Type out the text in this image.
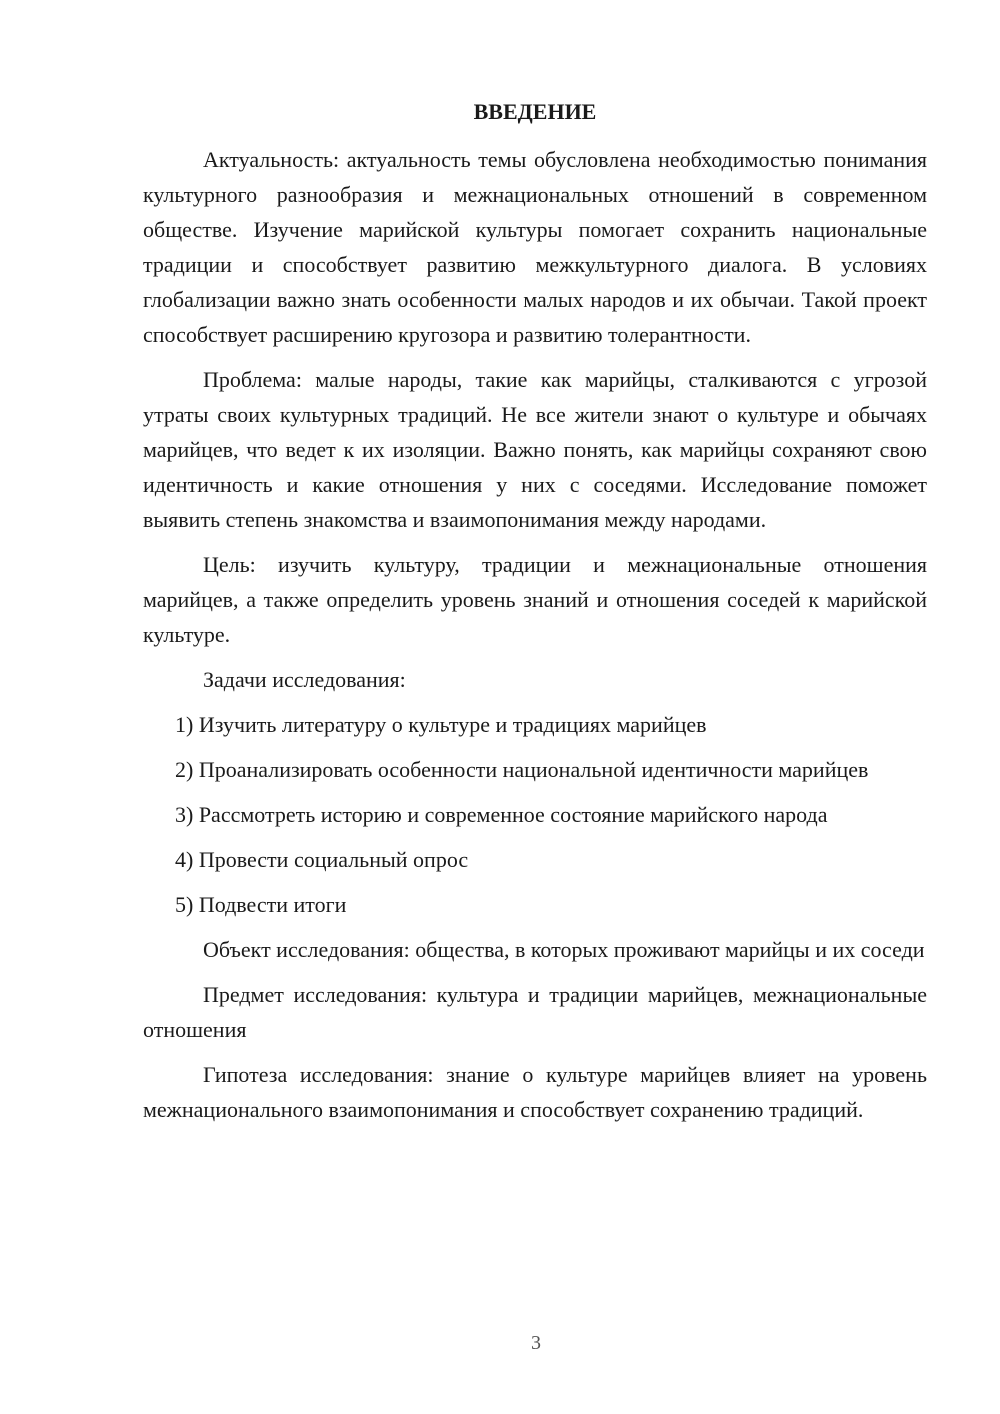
ВВЕДЕНИЕ

Актуальность: актуальность темы обусловлена необходимостью понимания культурного разнообразия и межнациональных отношений в современном обществе. Изучение марийской культуры помогает сохранить национальные традиции и способствует развитию межкультурного диалога. В условиях глобализации важно знать особенности малых народов и их обычаи. Такой проект способствует расширению кругозора и развитию толерантности.

Проблема: малые народы, такие как марийцы, сталкиваются с угрозой утраты своих культурных традиций. Не все жители знают о культуре и обычаях марийцев, что ведет к их изоляции. Важно понять, как марийцы сохраняют свою идентичность и какие отношения у них с соседями. Исследование поможет выявить степень знакомства и взаимопонимания между народами.

Цель: изучить культуру, традиции и межнациональные отношения марийцев, а также определить уровень знаний и отношения соседей к марийской культуре.

Задачи исследования:

1) Изучить литературу о культуре и традициях марийцев

2) Проанализировать особенности национальной идентичности марийцев

3) Рассмотреть историю и современное состояние марийского народа

4) Провести социальный опрос

5) Подвести итоги

Объект исследования: общества, в которых проживают марийцы и их соседи

Предмет исследования: культура и традиции марийцев, межнациональные отношения

Гипотеза исследования: знание о культуре марийцев влияет на уровень межнационального взаимопонимания и способствует сохранению традиций.

3
